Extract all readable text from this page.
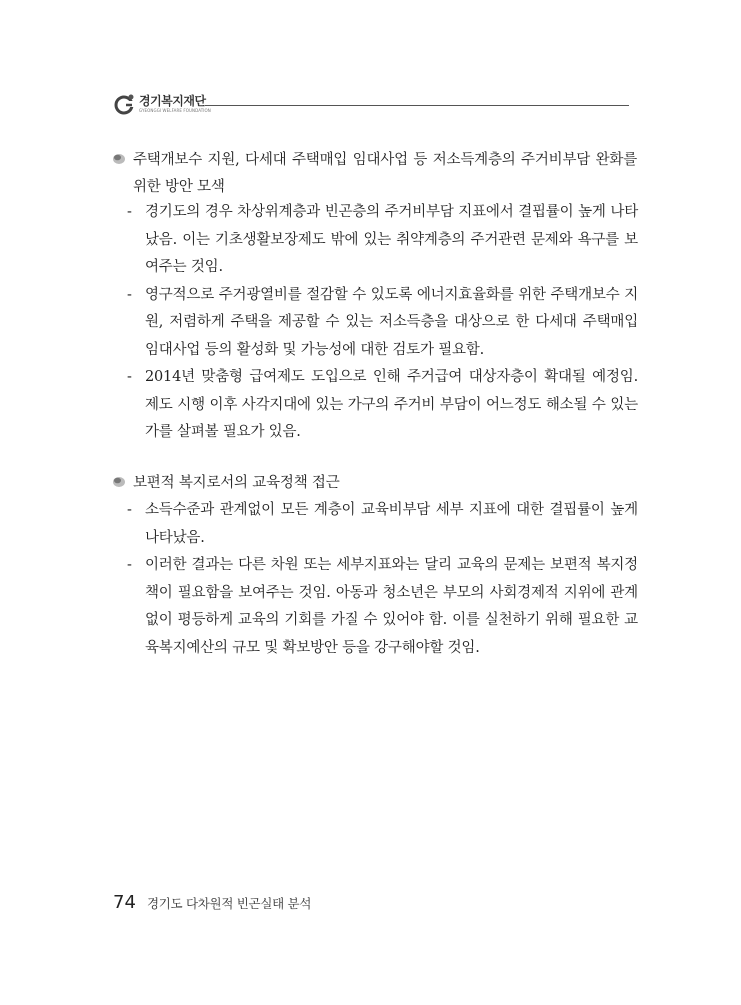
경기복지재단
GYEONGGI WELFARE FOUNDATION
주택개보수 지원, 다세대 주택매입 임대사업 등 저소득계층의 주거비부담 완화를 위한 방안 모색
- 경기도의 경우 차상위계층과 빈곤층의 주거비부담 지표에서 결핍률이 높게 나타났음. 이는 기초생활보장제도 밖에 있는 취약계층의 주거관련 문제와 욕구를 보여주는 것임.
- 영구적으로 주거광열비를 절감할 수 있도록 에너지효율화를 위한 주택개보수 지원, 저렴하게 주택을 제공할 수 있는 저소득층을 대상으로 한 다세대 주택매입 임대사업 등의 활성화 및 가능성에 대한 검토가 필요함.
- 2014년 맞춤형 급여제도 도입으로 인해 주거급여 대상자층이 확대될 예정임. 제도 시행 이후 사각지대에 있는 가구의 주거비 부담이 어느정도 해소될 수 있는가를 살펴볼 필요가 있음.
보편적 복지로서의 교육정책 접근
- 소득수준과 관계없이 모든 계층이 교육비부담 세부 지표에 대한 결핍률이 높게 나타났음.
- 이러한 결과는 다른 차원 또는 세부지표와는 달리 교육의 문제는 보편적 복지정책이 필요함을 보여주는 것임. 아동과 청소년은 부모의 사회경제적 지위에 관계없이 평등하게 교육의 기회를 가질 수 있어야 함. 이를 실천하기 위해 필요한 교육복지예산의 규모 및 확보방안 등을 강구해야할 것임.
74 경기도 다차원적 빈곤실태 분석
